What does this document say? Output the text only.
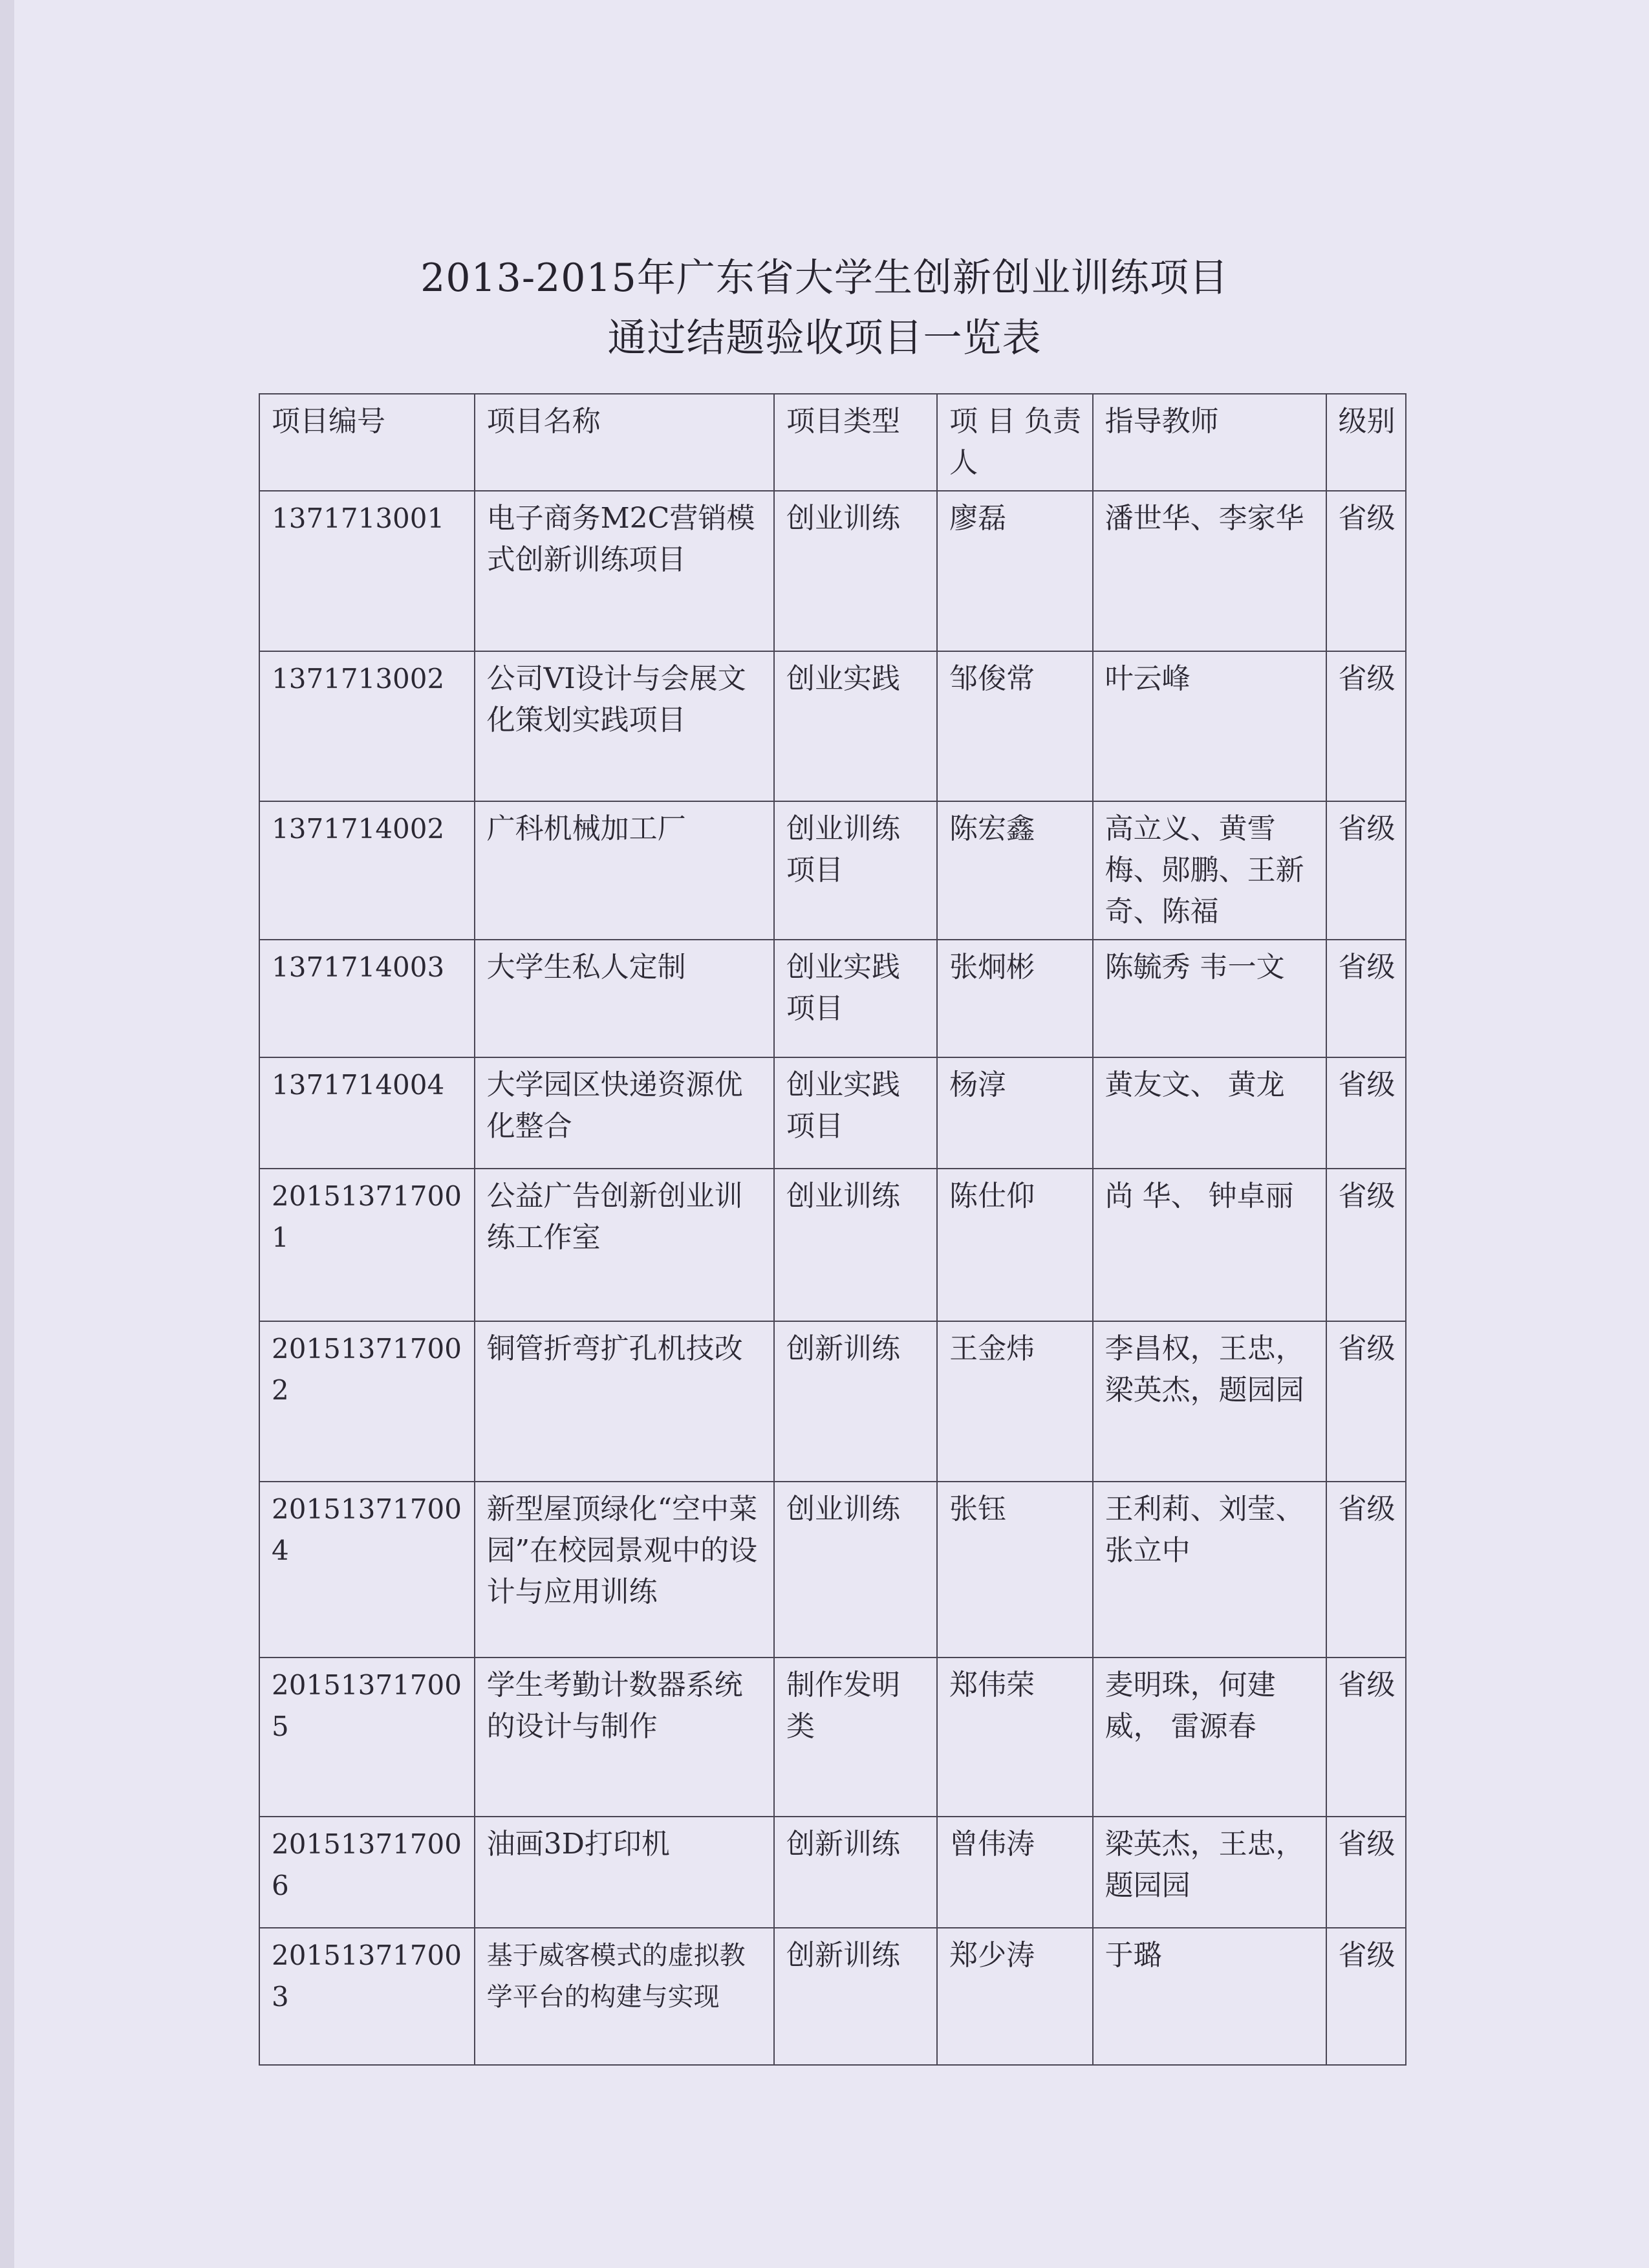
2013-2015年广东省大学生创新创业训练项目
通过结题验收项目一览表
项目编号	项目名称	项目类型	项 目 负责人	指导教师	级别
1371713001	电子商务M2C营销模式创新训练项目	创业训练	廖磊	潘世华、李家华	省级
1371713002	公司VI设计与会展文化策划实践项目	创业实践	邹俊常	叶云峰	省级
1371714002	广科机械加工厂	创业训练项目	陈宏鑫	高立义、黄雪梅、郧鹏、王新奇、陈福	省级
1371714003	大学生私人定制	创业实践项目	张炯彬	陈毓秀 韦一文	省级
1371714004	大学园区快递资源优化整合	创业实践项目	杨淳	黄友文、 黄龙	省级
201513717001	公益广告创新创业训练工作室	创业训练	陈仕仰	尚 华、 钟卓丽	省级
201513717002	铜管折弯扩孔机技改	创新训练	王金炜	李昌权，王忠，梁英杰，题园园	省级
201513717004	新型屋顶绿化“空中菜园”在校园景观中的设计与应用训练	创业训练	张钰	王利莉、刘莹、张立中	省级
201513717005	学生考勤计数器系统的设计与制作	制作发明类	郑伟荣	麦明珠，何建威， 雷源春	省级
201513717006	油画3D打印机	创新训练	曾伟涛	梁英杰，王忠，题园园	省级
201513717003	基于威客模式的虚拟教学平台的构建与实现	创新训练	郑少涛	于璐	省级
